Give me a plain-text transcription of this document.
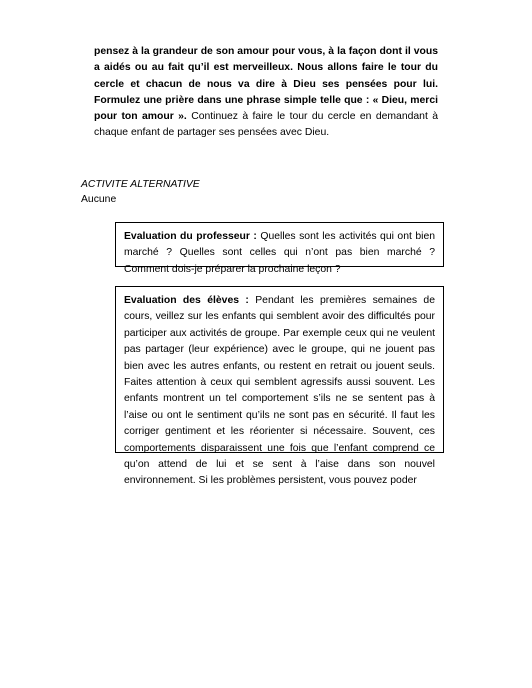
pensez à la grandeur de son amour pour vous, à la façon dont il vous a aidés ou au fait qu’il est merveilleux. Nous allons faire le tour du cercle et chacun de nous va dire à Dieu ses pensées pour lui. Formulez une prière dans une phrase simple telle que : « Dieu, merci pour ton amour ». Continuez à faire le tour du cercle en demandant à chaque enfant de partager ses pensées avec Dieu.
ACTIVITE ALTERNATIVE
Aucune
Evaluation du professeur : Quelles sont les activités qui ont bien marché ? Quelles sont celles qui n’ont pas bien marché ? Comment dois-je préparer la prochaine leçon ?
Evaluation des élèves : Pendant les premières semaines de cours, veillez sur les enfants qui semblent avoir des difficultés pour participer aux activités de groupe. Par exemple ceux qui ne veulent pas partager (leur expérience) avec le groupe, qui ne jouent pas bien avec les autres enfants, ou restent en retrait ou jouent seuls. Faites attention à ceux qui semblent agressifs aussi souvent. Les enfants montrent un tel comportement s’ils ne se sentent pas à l’aise ou ont le sentiment qu’ils ne sont pas en sécurité. Il faut les corriger gentiment et les réorienter si nécessaire. Souvent, ces comportements disparaissent une fois que l’enfant comprend ce qu’on attend de lui et se sent à l’aise dans son nouvel environnement. Si les problèmes persistent, vous pouvez poder
